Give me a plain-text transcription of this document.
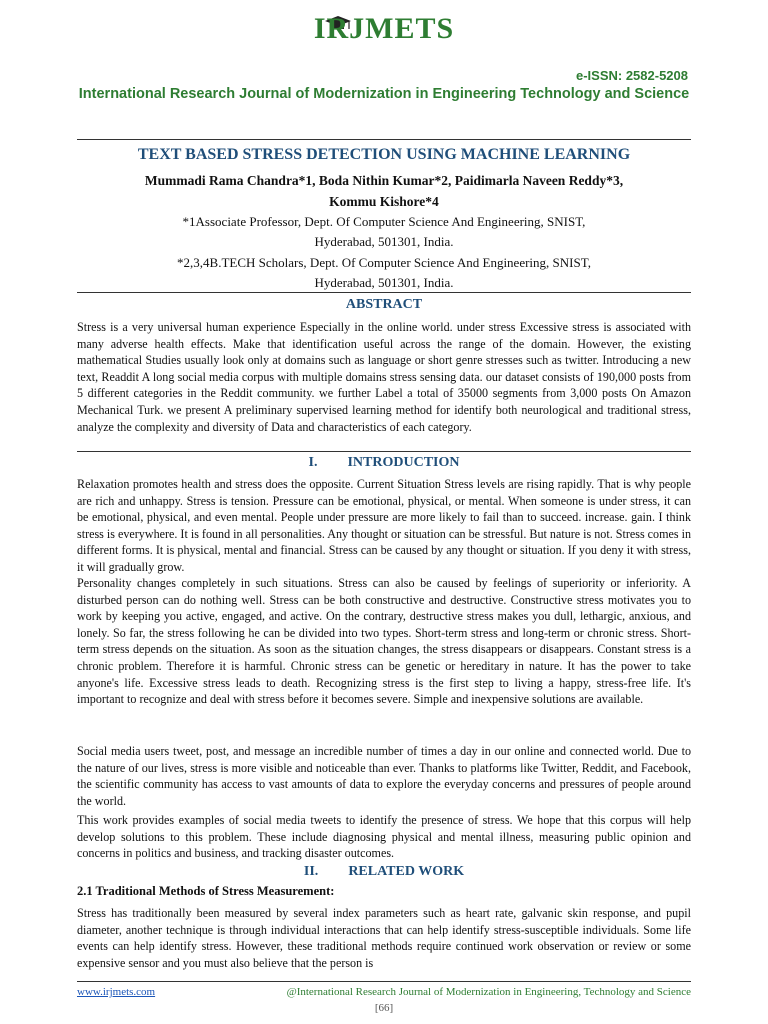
IRJMETS
e-ISSN: 2582-5208
International Research Journal of Modernization in Engineering Technology and Science
TEXT BASED STRESS DETECTION USING MACHINE LEARNING
Mummadi Rama Chandra*1, Boda Nithin Kumar*2, Paidimarla Naveen Reddy*3,
Kommu Kishore*4
*1Associate Professor, Dept. Of Computer Science And Engineering, SNIST,
Hyderabad, 501301, India.
*2,3,4B.TECH Scholars, Dept. Of Computer Science And Engineering, SNIST,
Hyderabad, 501301, India.
ABSTRACT
Stress is a very universal human experience Especially in the online world. under stress Excessive stress is associated with many adverse health effects. Make that identification useful across the range of the domain. However, the existing mathematical Studies usually look only at domains such as language or short genre stresses such as twitter. Introducing a new text, Readdit A long social media corpus with multiple domains stress sensing data. our dataset consists of 190,000 posts from 5 different categories in the Reddit community. we further Label a total of 35000 segments from 3,000 posts On Amazon Mechanical Turk. we present A preliminary supervised learning method for identify both neurological and traditional stress, analyze the complexity and diversity of Data and characteristics of each category.
I. INTRODUCTION
Relaxation promotes health and stress does the opposite. Current Situation Stress levels are rising rapidly. That is why people are rich and unhappy. Stress is tension. Pressure can be emotional, physical, or mental. When someone is under stress, it can be emotional, physical, and even mental. People under pressure are more likely to fail than to succeed. increase. gain. I think stress is everywhere. It is found in all personalities. Any thought or situation can be stressful. But nature is not. Stress comes in different forms. It is physical, mental and financial. Stress can be caused by any thought or situation. If you deny it with stress, it will gradually grow.
Personality changes completely in such situations. Stress can also be caused by feelings of superiority or inferiority. A disturbed person can do nothing well. Stress can be both constructive and destructive. Constructive stress motivates you to work by keeping you active, engaged, and active. On the contrary, destructive stress makes you dull, lethargic, anxious, and lonely. So far, the stress following he can be divided into two types. Short-term stress and long-term or chronic stress. Short-term stress depends on the situation. As soon as the situation changes, the stress disappears or disappears. Constant stress is a chronic problem. Therefore it is harmful. Chronic stress can be genetic or hereditary in nature. It has the power to take anyone's life. Excessive stress leads to death. Recognizing stress is the first step to living a happy, stress-free life. It's important to recognize and deal with stress before it becomes severe. Simple and inexpensive solutions are available.
Social media users tweet, post, and message an incredible number of times a day in our online and connected world. Due to the nature of our lives, stress is more visible and noticeable than ever. Thanks to platforms like Twitter, Reddit, and Facebook, the scientific community has access to vast amounts of data to explore the everyday concerns and pressures of people around the world.
This work provides examples of social media tweets to identify the presence of stress. We hope that this corpus will help develop solutions to this problem. These include diagnosing physical and mental illness, measuring public opinion and concerns in politics and business, and tracking disaster outcomes.
II. RELATED WORK
2.1 Traditional Methods of Stress Measurement:
Stress has traditionally been measured by several index parameters such as heart rate, galvanic skin response, and pupil diameter, another technique is through individual interactions that can help identify stress-susceptible individuals. Some life events can help identify stress. However, these traditional methods require continued work observation or review or some expensive sensor and you must also believe that the person is
www.irjmets.com	@International Research Journal of Modernization in Engineering, Technology and Science
[66]
